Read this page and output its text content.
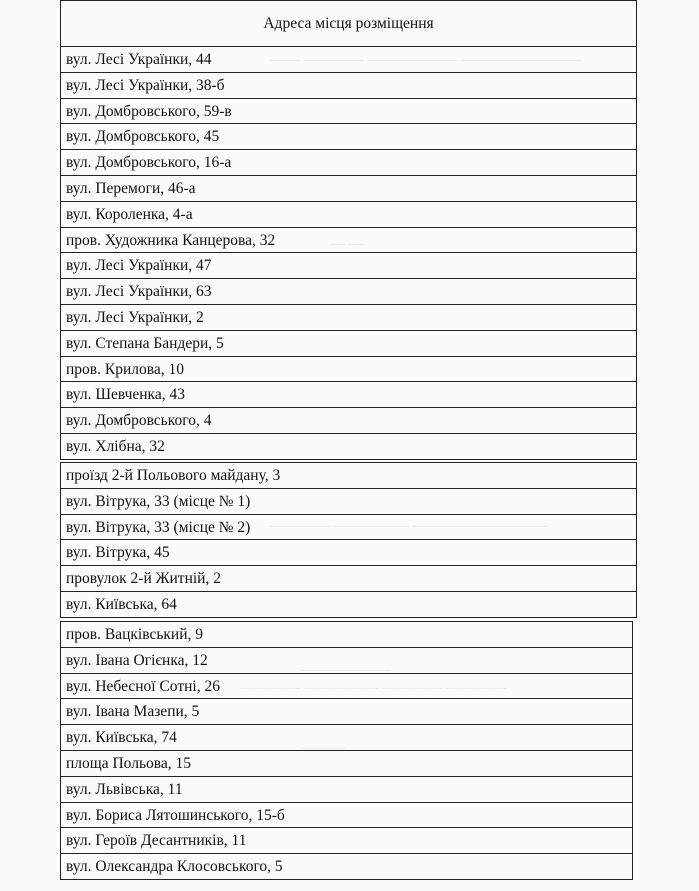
—— ———— —————— ————————
— —
———— ————— —————————
——————
———— ————— ———— ————
———
Адреса місця розміщення
вул. Лесі Українки, 44
вул. Лесі Українки, 38-б
вул. Домбровського, 59-в
вул. Домбровського, 45
вул. Домбровського, 16-а
вул. Перемоги, 46-а
вул. Короленка, 4-а
пров. Художника Канцерова, 32
вул. Лесі Українки, 47
вул. Лесі Українки, 63
вул. Лесі Українки, 2
вул. Степана Бандери, 5
пров. Крилова, 10
вул. Шевченка, 43
вул. Домбровського, 4
вул. Хлібна, 32
проїзд 2-й Польового майдану, 3
вул. Вітрука, 33 (місце № 1)
вул. Вітрука, 33 (місце № 2)
вул. Вітрука, 45
провулок 2-й Житній, 2
вул. Київська, 64
пров. Вацківський, 9
вул. Івана Огієнка, 12
вул. Небесної Сотні, 26
вул. Івана Мазепи, 5
вул. Київська, 74
площа Польова, 15
вул. Львівська, 11
вул. Бориса Лятошинського, 15-б
вул. Героїв Десантників, 11
вул. Олександра Клосовського, 5
